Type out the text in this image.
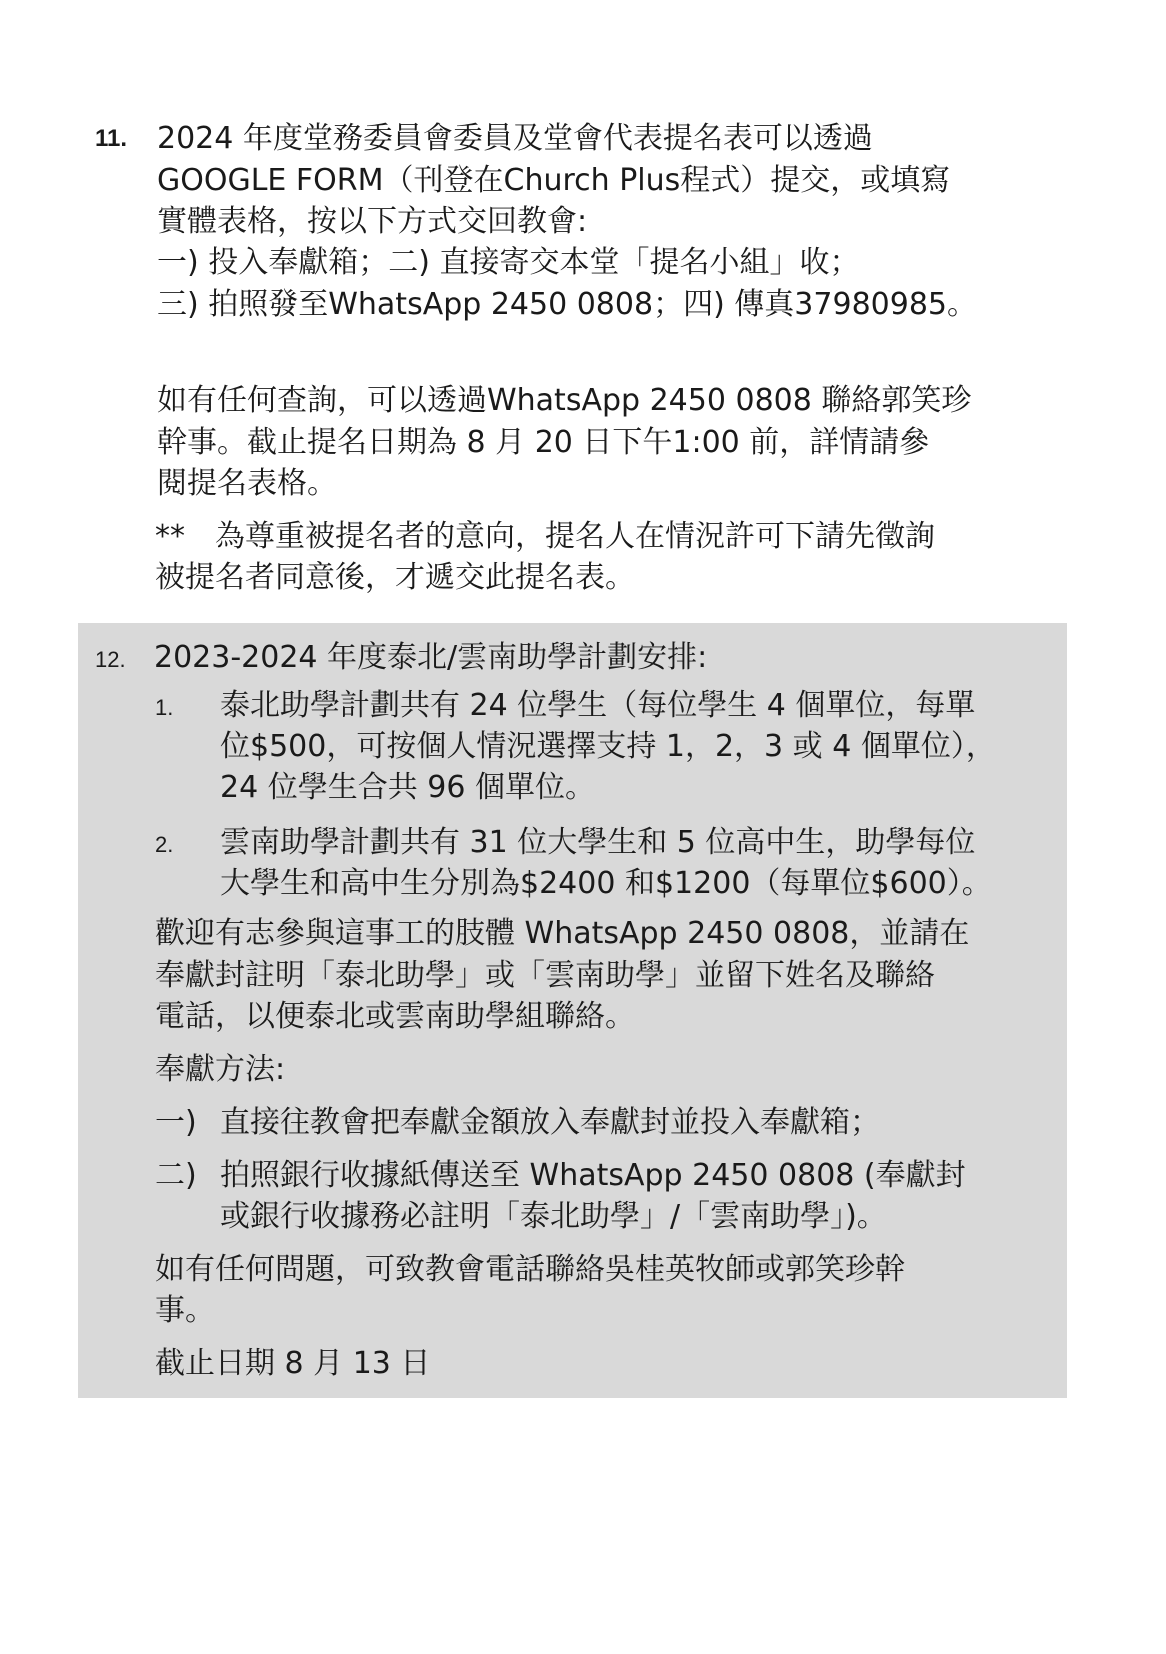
11. 2024 年度堂務委員會委員及堂會代表提名表可以透過
GOOGLE FORM（刊登在Church Plus程式）提交，或填寫
實體表格，按以下方式交回教會:
一) 投入奉獻箱；二) 直接寄交本堂「提名小組」收；
三) 拍照發至WhatsApp 2450 0808；四) 傳真37980985。
如有任何查詢，可以透過WhatsApp 2450 0808 聯絡郭笑珍
幹事。截止提名日期為 8 月 20 日下午1:00 前，詳情請參
閱提名表格。
** 為尊重被提名者的意向，提名人在情況許可下請先徵詢
被提名者同意後，才遞交此提名表。
12. 2023-2024 年度泰北/雲南助學計劃安排:
1. 泰北助學計劃共有 24 位學生（每位學生 4 個單位，每單
位$500，可按個人情況選擇支持 1，2，3 或 4 個單位），
24 位學生合共 96 個單位。
2. 雲南助學計劃共有 31 位大學生和 5 位高中生，助學每位
大學生和高中生分別為$2400 和$1200（每單位$600）。
歡迎有志參與這事工的肢體 WhatsApp 2450 0808，並請在
奉獻封註明「泰北助學」或「雲南助學」並留下姓名及聯絡
電話，以便泰北或雲南助學組聯絡。
奉獻方法:
一) 直接往教會把奉獻金額放入奉獻封並投入奉獻箱；
二) 拍照銀行收據紙傳送至 WhatsApp 2450 0808 (奉獻封
或銀行收據務必註明「泰北助學」/「雲南助學」)。
如有任何問題，可致教會電話聯絡吳桂英牧師或郭笑珍幹
事。
截止日期 8 月 13 日
